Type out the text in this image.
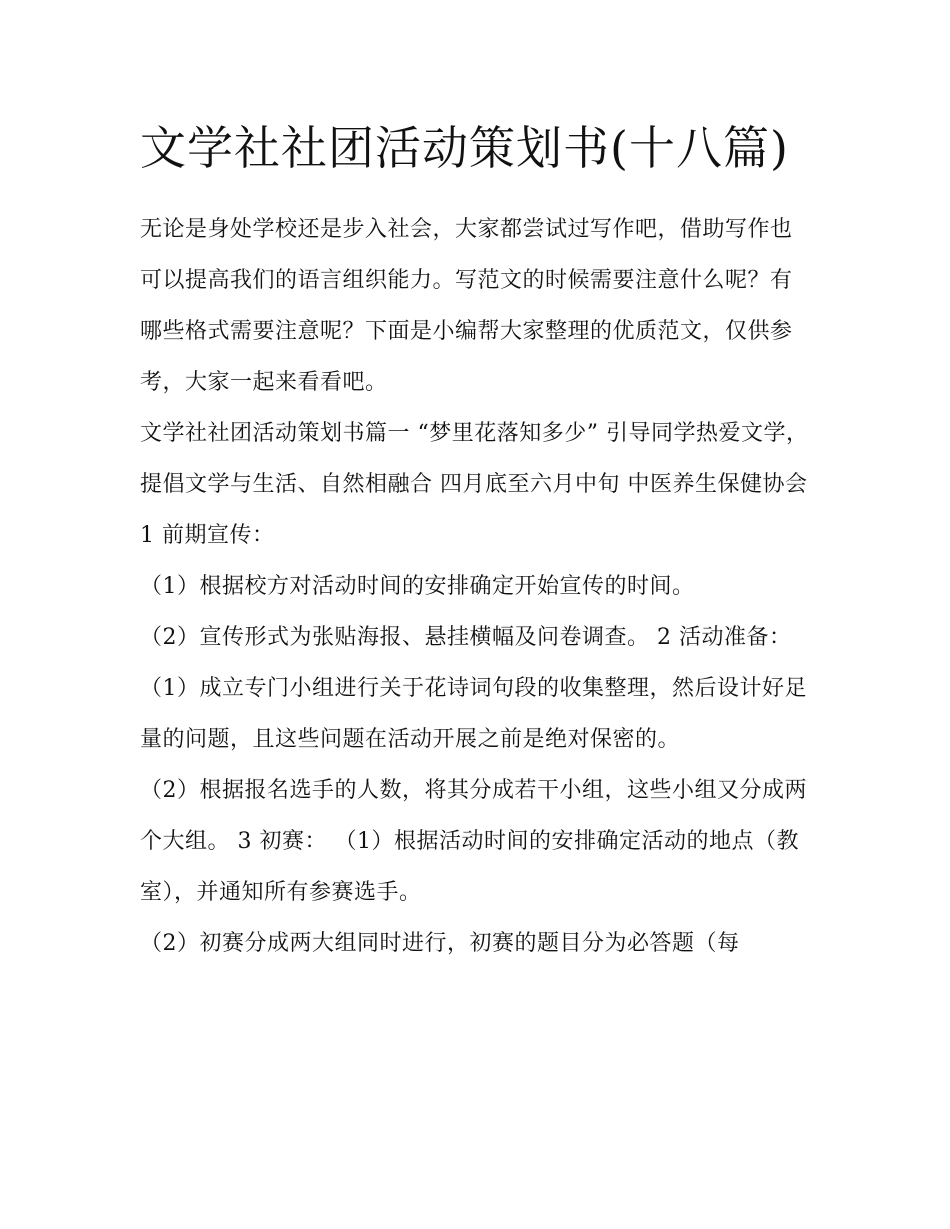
文学社社团活动策划书(十八篇)

无论是身处学校还是步入社会，大家都尝试过写作吧，借助写作也可以提高我们的语言组织能力。写范文的时候需要注意什么呢？有哪些格式需要注意呢？下面是小编帮大家整理的优质范文，仅供参考，大家一起来看看吧。

文学社社团活动策划书篇一 “梦里花落知多少” 引导同学热爱文学，提倡文学与生活、自然相融合 四月底至六月中旬 中医养生保健协会 1 前期宣传：

（1）根据校方对活动时间的安排确定开始宣传的时间。

（2）宣传形式为张贴海报、悬挂横幅及问卷调查。 2 活动准备：

（1）成立专门小组进行关于花诗词句段的收集整理，然后设计好足量的问题，且这些问题在活动开展之前是绝对保密的。

（2）根据报名选手的人数，将其分成若干小组，这些小组又分成两个大组。 3 初赛： （1）根据活动时间的安排确定活动的地点（教室），并通知所有参赛选手。

（2）初赛分成两大组同时进行，初赛的题目分为必答题（每
